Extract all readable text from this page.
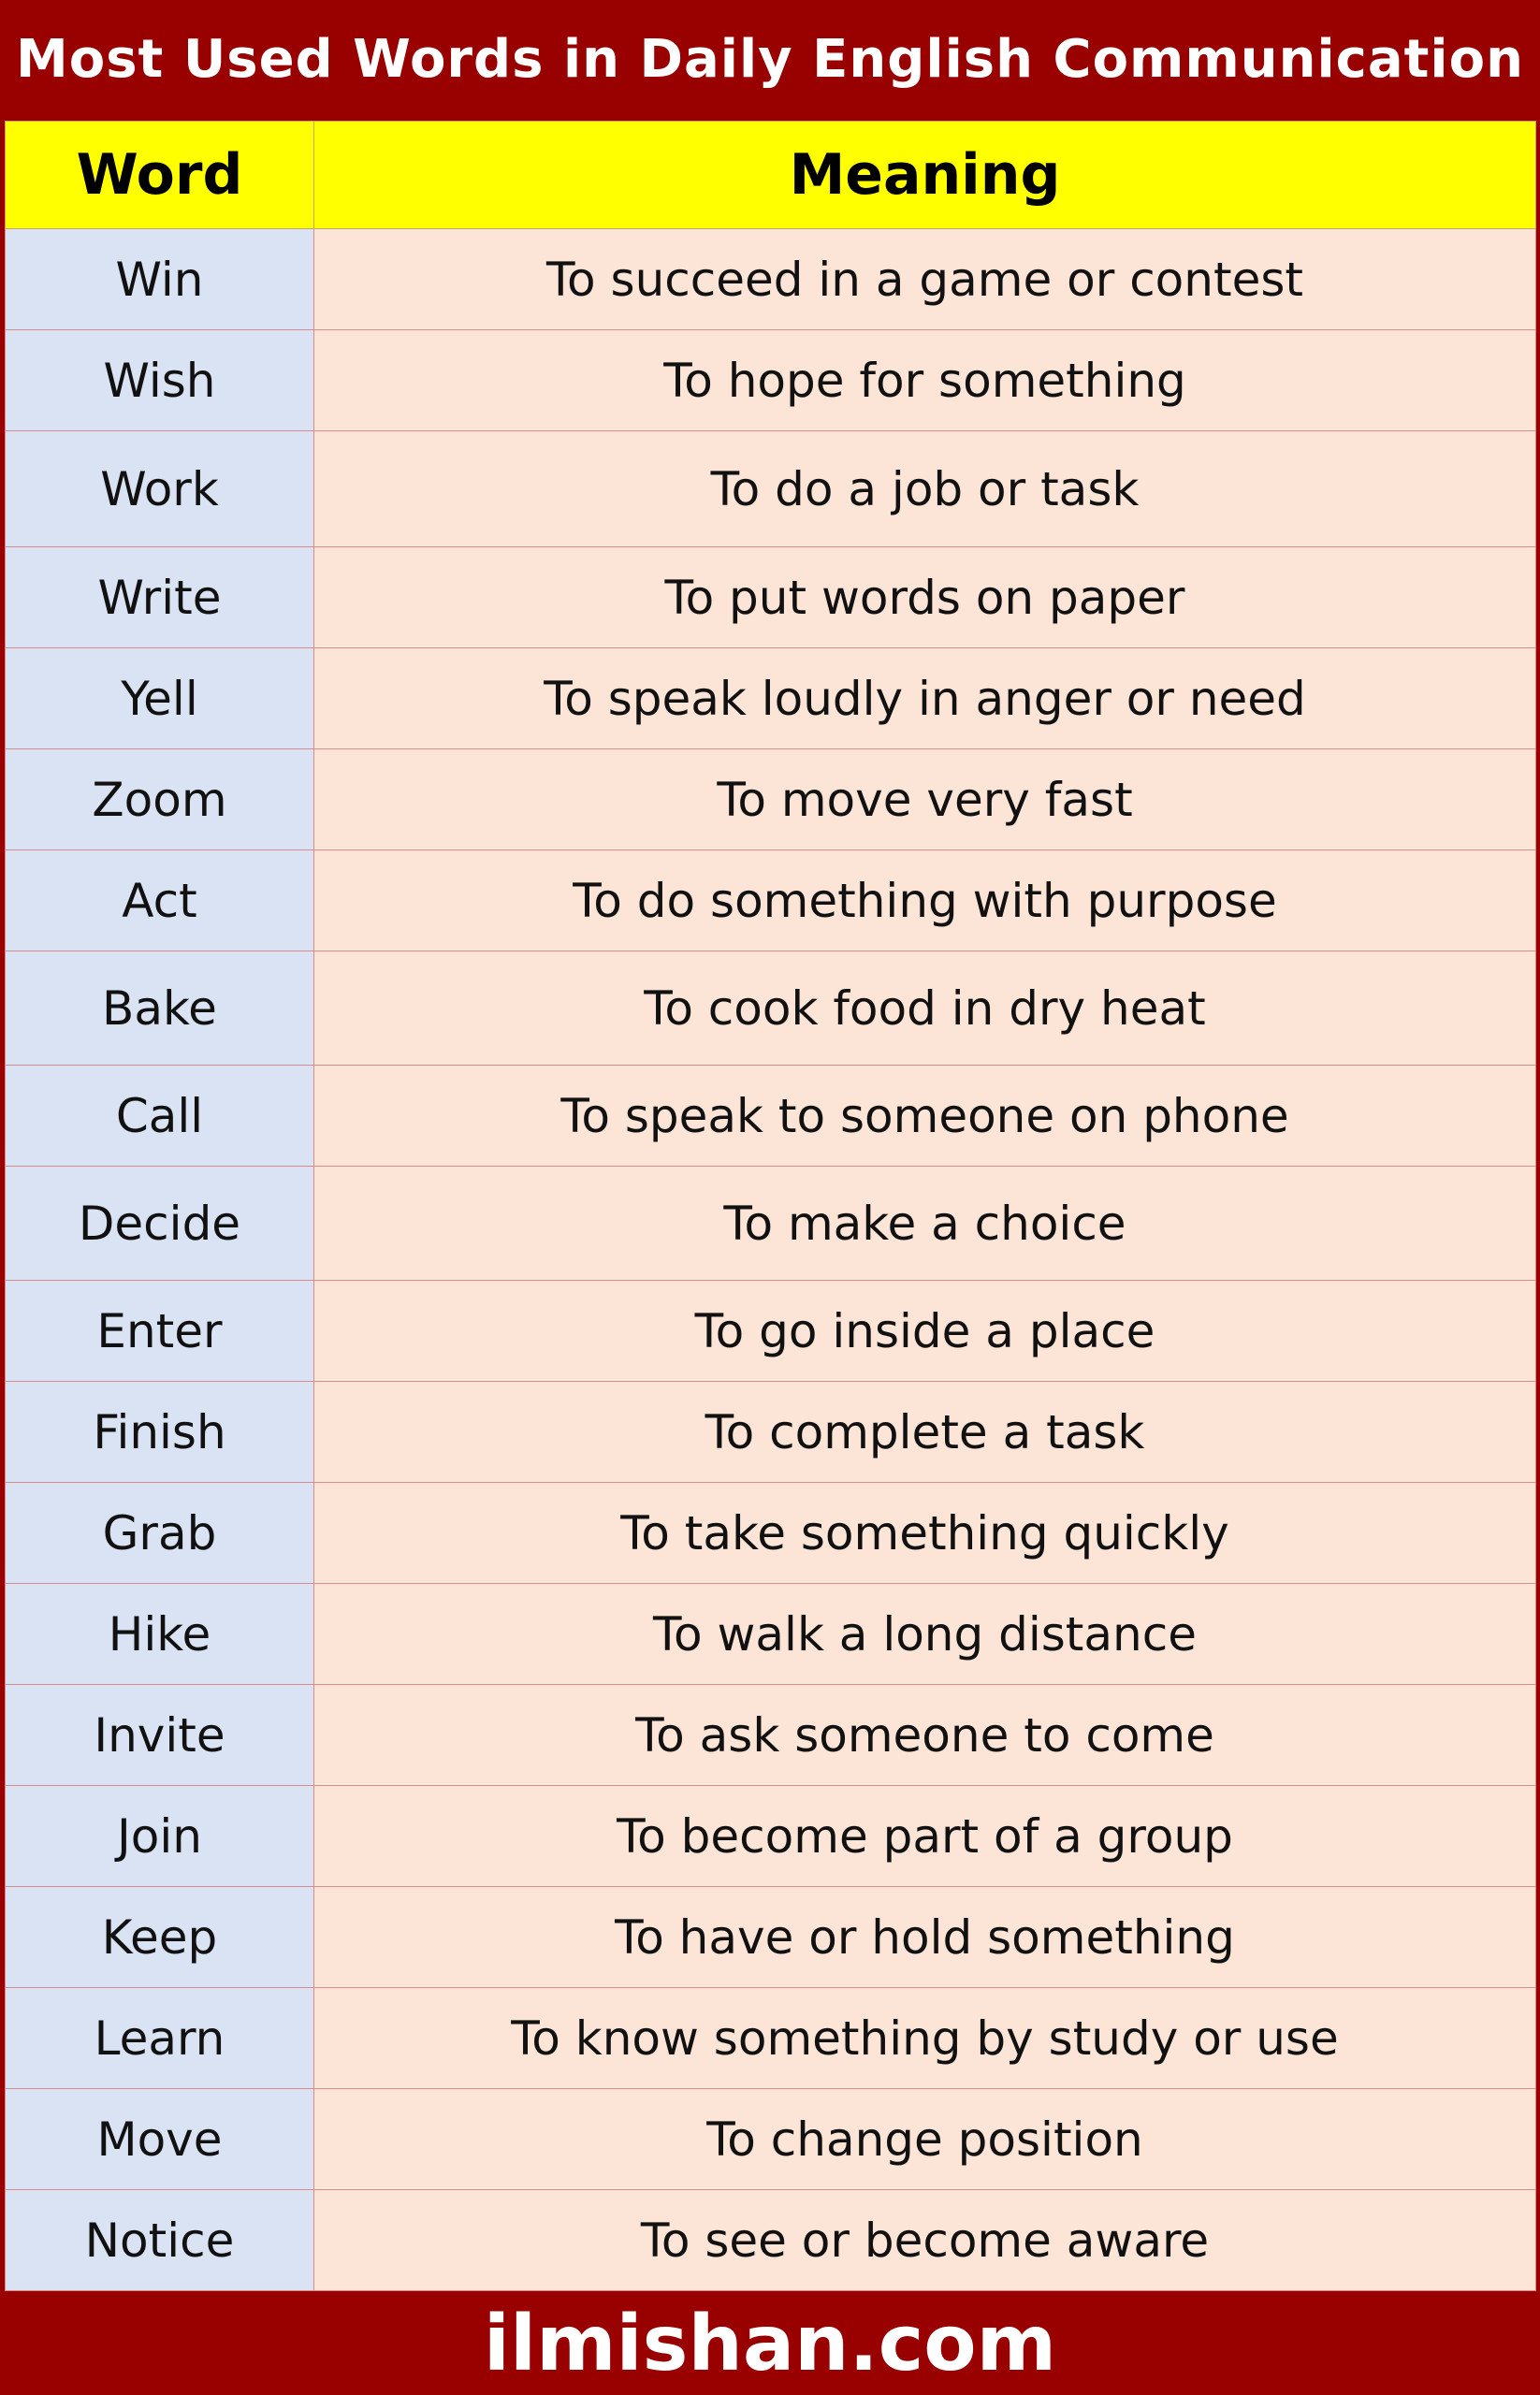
Most Used Words in Daily English Communication
Word	Meaning
Win	To succeed in a game or contest
Wish	To hope for something
Work	To do a job or task
Write	To put words on paper
Yell	To speak loudly in anger or need
Zoom	To move very fast
Act	To do something with purpose
Bake	To cook food in dry heat
Call	To speak to someone on phone
Decide	To make a choice
Enter	To go inside a place
Finish	To complete a task
Grab	To take something quickly
Hike	To walk a long distance
Invite	To ask someone to come
Join	To become part of a group
Keep	To have or hold something
Learn	To know something by study or use
Move	To change position
Notice	To see or become aware
ilmishan.com
